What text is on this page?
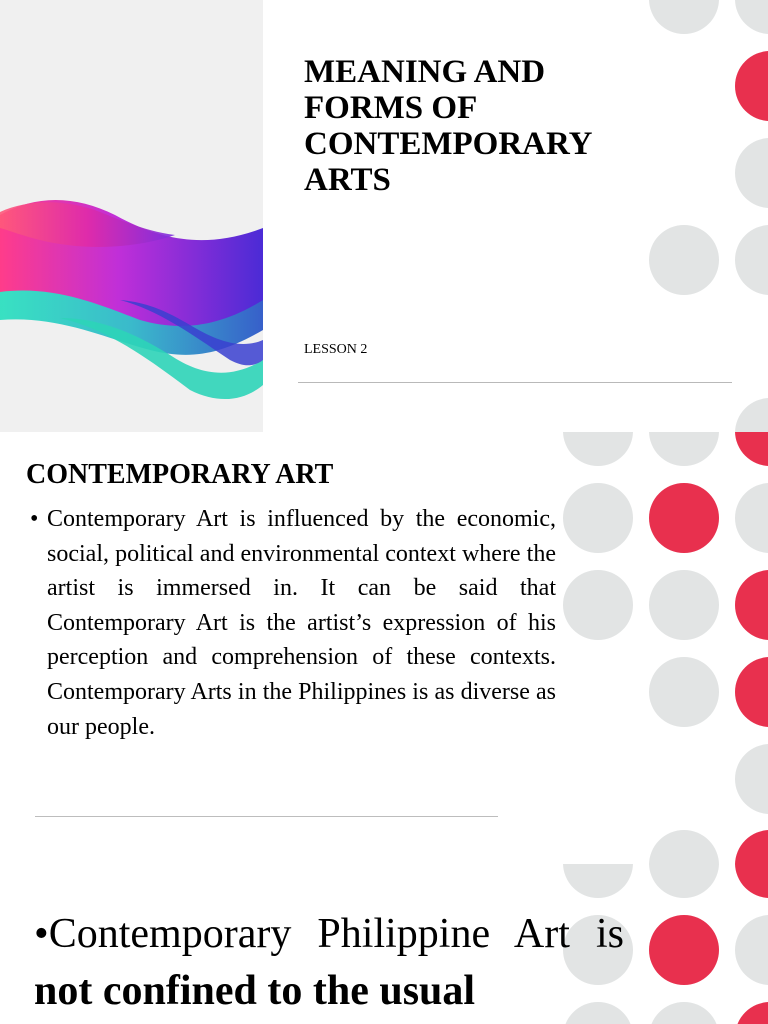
MEANING AND
FORMS OF
CONTEMPORARY
ARTS
LESSON 2
CONTEMPORARY ART

• Contemporary Art is influenced by the economic, social, political and environmental context where the artist is immersed in. It can be said that Contemporary Art is the artist’s expression of his perception and comprehension of these contexts. Contemporary Arts in the Philippines is as diverse as our people.

•Contemporary Philippine Art is not confined to the usual
